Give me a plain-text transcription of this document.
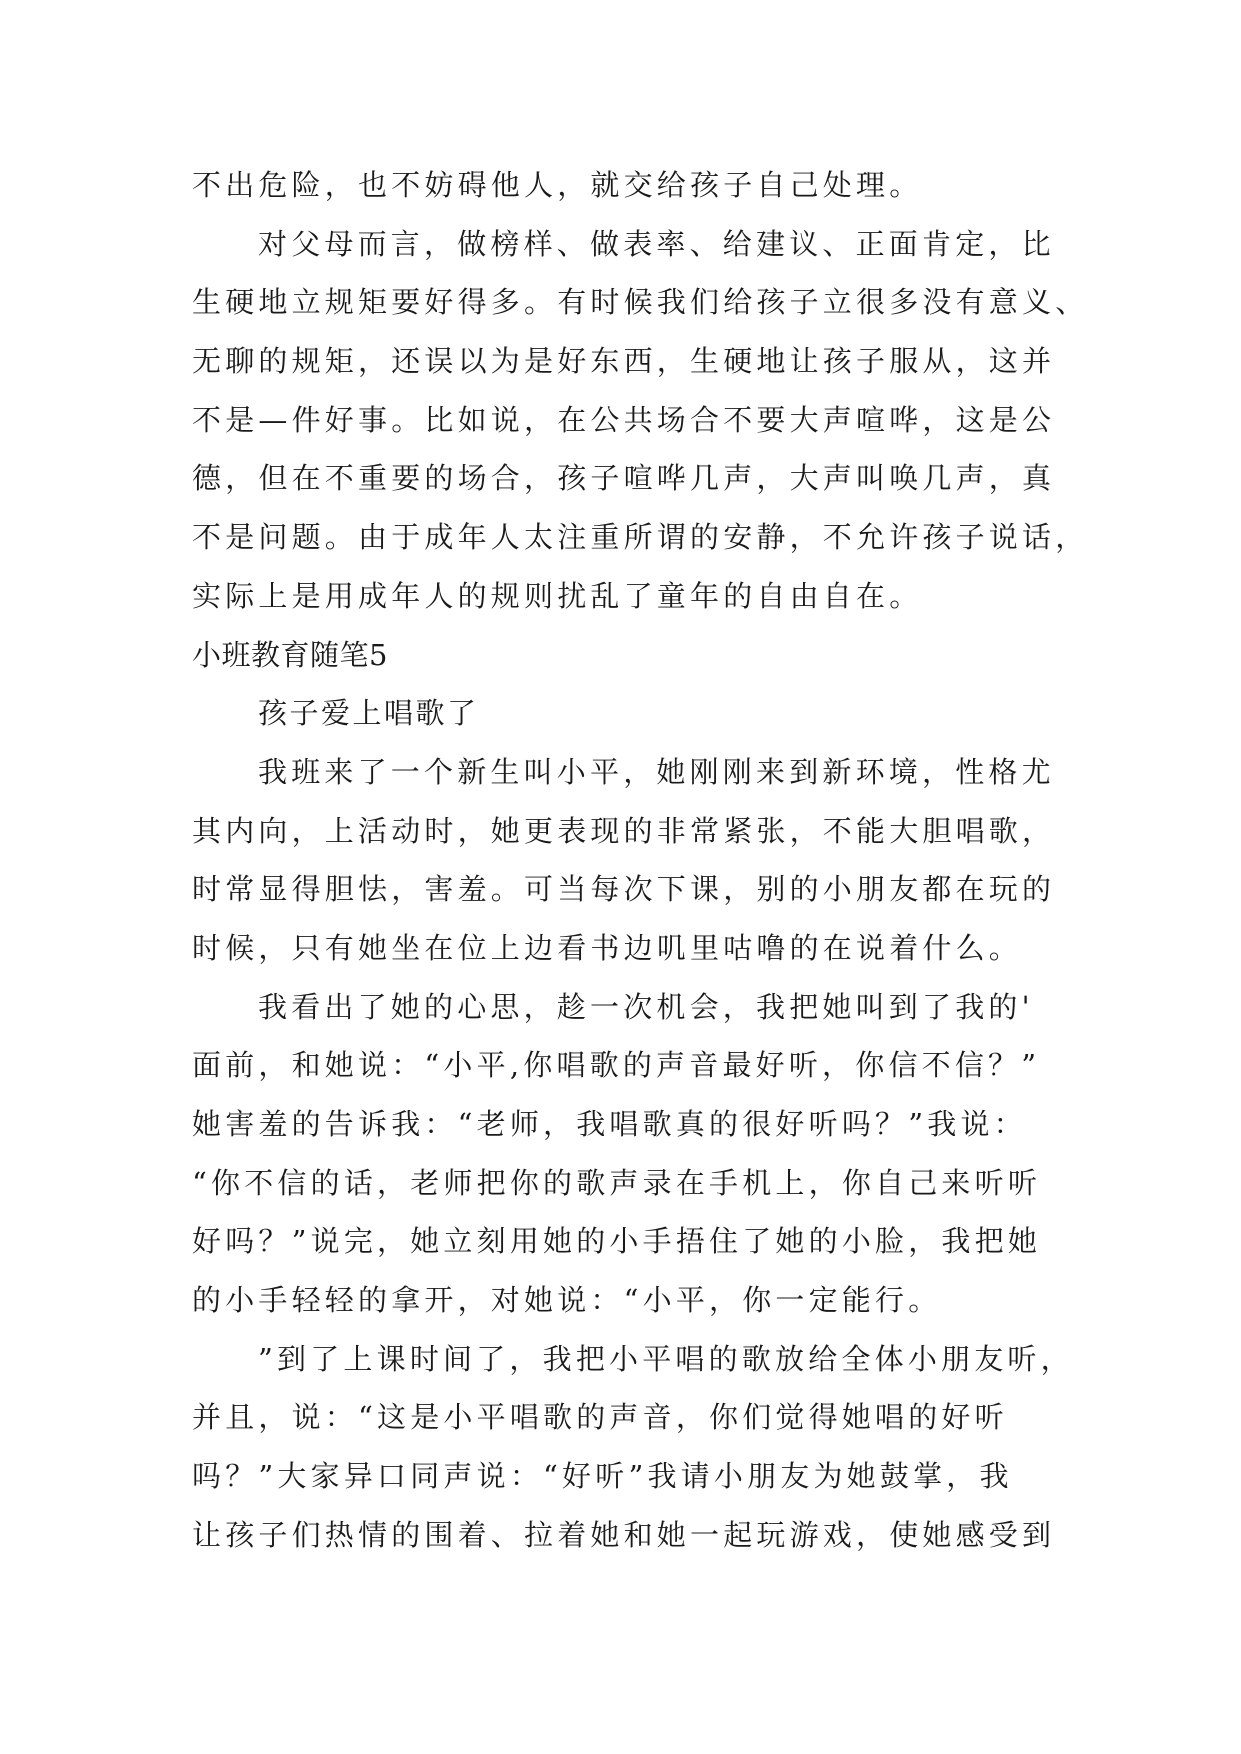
不出危险，也不妨碍他人，就交给孩子自己处理。
对父母而言，做榜样、做表率、给建议、正面肯定，比
生硬地立规矩要好得多。有时候我们给孩子立很多没有意义、
无聊的规矩，还误以为是好东西，生硬地让孩子服从，这并
不是—件好事。比如说，在公共场合不要大声喧哗，这是公
德，但在不重要的场合，孩子喧哗几声，大声叫唤几声，真
不是问题。由于成年人太注重所谓的安静，不允许孩子说话，
实际上是用成年人的规则扰乱了童年的自由自在。
小班教育随笔5
孩子爱上唱歌了
我班来了一个新生叫小平，她刚刚来到新环境，性格尤
其内向，上活动时，她更表现的非常紧张，不能大胆唱歌，
时常显得胆怯，害羞。可当每次下课，别的小朋友都在玩的
时候，只有她坐在位上边看书边叽里咕噜的在说着什么。
我看出了她的心思，趁一次机会，我把她叫到了我的'
面前，和她说：“小平,你唱歌的声音最好听，你信不信？”
她害羞的告诉我：“老师，我唱歌真的很好听吗？”我说：
“你不信的话，老师把你的歌声录在手机上，你自己来听听
好吗？”说完，她立刻用她的小手捂住了她的小脸，我把她
的小手轻轻的拿开，对她说：“小平，你一定能行。
”到了上课时间了，我把小平唱的歌放给全体小朋友听，
并且，说：“这是小平唱歌的声音，你们觉得她唱的好听
吗？”大家异口同声说：“好听”我请小朋友为她鼓掌，我
让孩子们热情的围着、拉着她和她一起玩游戏，使她感受到
